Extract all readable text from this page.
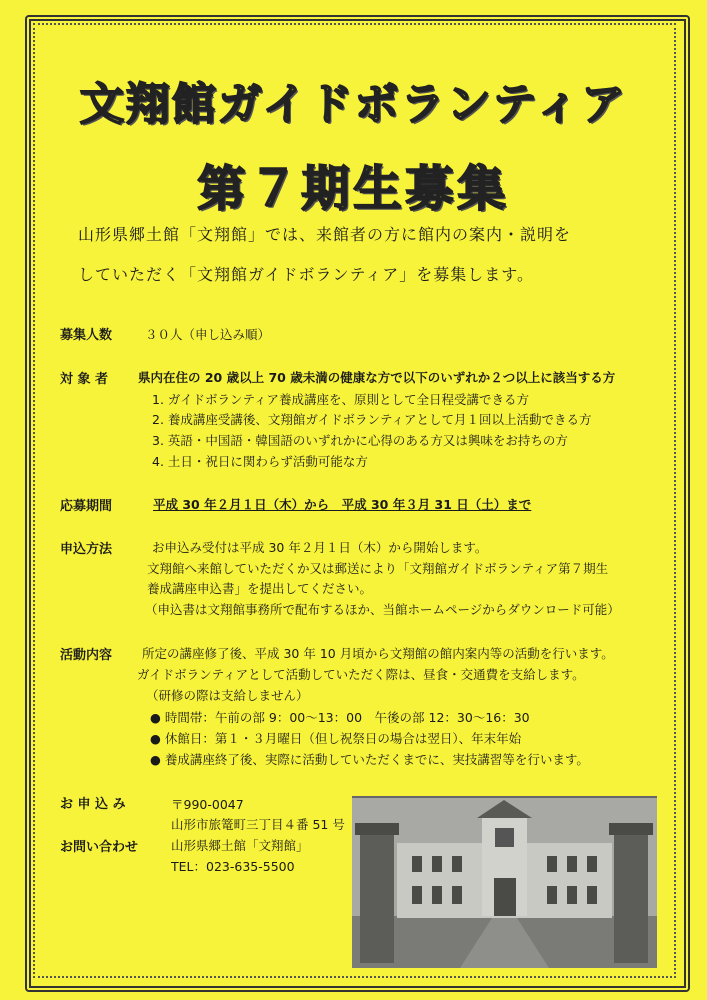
文翔館ガイドボランティア
第７期生募集
山形県郷土館「文翔館」では、来館者の方に館内の案内・説明を
していただく「文翔館ガイドボランティア」を募集します。
募集人数	３０人（申し込み順）
対 象 者 県内在住の 20 歳以上 70 歳未満の健康な方で以下のいずれか２つ以上に該当する方
1. ガイドボランティア養成講座を、原則として全日程受講できる方
2. 養成講座受講後、文翔館ガイドボランティアとして月１回以上活動できる方
3. 英語・中国語・韓国語のいずれかに心得のある方又は興味をお持ちの方
4. 土日・祝日に関わらず活動可能な方
応募期間	平成 30 年２月１日（木）から　平成 30 年３月 31 日（土）まで
申込方法	お申込み受付は平成 30 年２月１日（木）から開始します。
文翔館へ来館していただくか又は郵送により「文翔館ガイドボランティア第７期生
養成講座申込書」を提出してください。
（申込書は文翔館事務所で配布するほか、当館ホームページからダウンロード可能）
活動内容 所定の講座修了後、平成 30 年 10 月頃から文翔館の館内案内等の活動を行います。
ガイドボランティアとして活動していただく際は、昼食・交通費を支給します。
（研修の際は支給しません）
● 時間帯：午前の部 9：00～13：00　午後の部 12：30～16：30
● 休館日：第１・３月曜日（但し祝祭日の場合は翌日）、年末年始
● 養成講座終了後、実際に活動していただくまでに、実技講習等を行います。
お 申 込 み	〒990-0047
山形市旅篭町三丁目４番 51 号
お問い合わせ	山形県郷土館「文翔館」
TEL：023-635-5500
